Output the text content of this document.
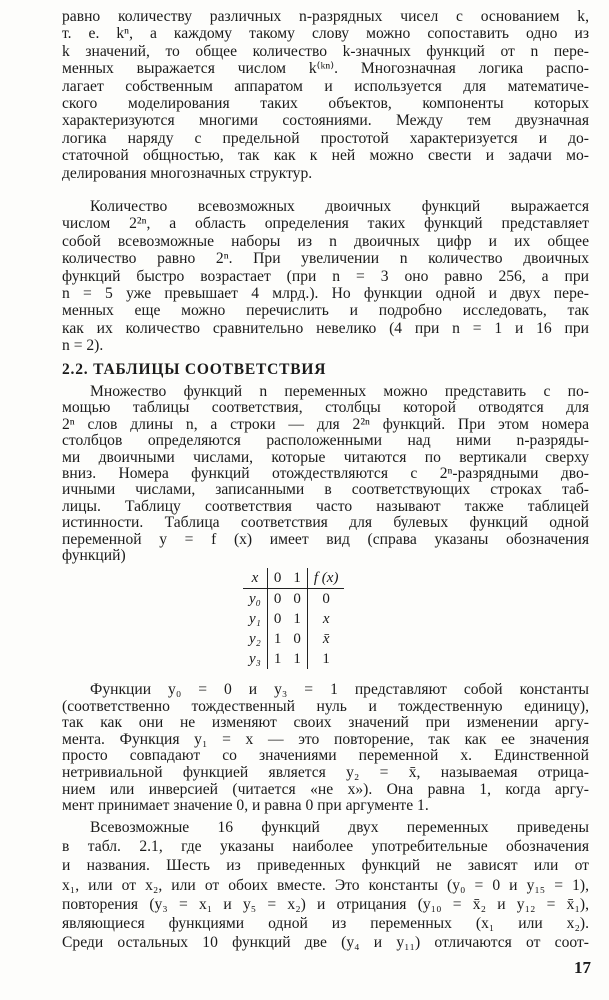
равно количеству различных n-разрядных чисел с основанием k,
т. е. kⁿ, а каждому такому слову можно сопоставить одно из
k значений, то общее количество k-значных функций от n пере-
менных выражается числом k⁽ᵏⁿ⁾. Многозначная логика распо-
лагает собственным аппаратом и используется для математиче-
ского моделирования таких объектов, компоненты которых
характеризуются многими состояниями. Между тем двузначная
логика наряду с предельной простотой характеризуется и до-
статочной общностью, так как к ней можно свести и задачи мо-
делирования многозначных структур.
Количество всевозможных двоичных функций выражается
числом 2²ⁿ, а область определения таких функций представляет
собой всевозможные наборы из n двоичных цифр и их общее
количество равно 2ⁿ. При увеличении n количество двоичных
функций быстро возрастает (при n = 3 оно равно 256, а при
n = 5 уже превышает 4 млрд.). Но функции одной и двух пере-
менных еще можно перечислить и подробно исследовать, так
как их количество сравнительно невелико (4 при n = 1 и 16 при
n = 2).
2.2. ТАБЛИЦЫ СООТВЕТСТВИЯ
Множество функций n переменных можно представить с по-
мощью таблицы соответствия, столбцы которой отводятся для
2ⁿ слов длины n, а строки — для 2²ⁿ функций. При этом номера
столбцов определяются расположенными над ними n-разряды-
ми двоичными числами, которые читаются по вертикали сверху
вниз. Номера функций отождествляются с 2ⁿ-разрядными дво-
ичными числами, записанными в соответствующих строках таб-
лицы. Таблицу соответствия часто называют также таблицей
истинности. Таблица соответствия для булевых функций одной
переменной y = f (x) имеет вид (справа указаны обозначения
функций)
x	0	1	f (x)
y₀	0	0	0
y₁	0	1	x
y₂	1	0	x̄
y₃	1	1	1
Функции y₀ = 0 и y₃ = 1 представляют собой константы
(соответственно тождественный нуль и тождественную единицу),
так как они не изменяют своих значений при изменении аргу-
мента. Функция y₁ = x — это повторение, так как ее значения
просто совпадают со значениями переменной x. Единственной
нетривиальной функцией является y₂ = x̄, называемая отрица-
нием или инверсией (читается «не x»). Она равна 1, когда аргу-
мент принимает значение 0, и равна 0 при аргументе 1.
Всевозможные 16 функций двух переменных приведены
в табл. 2.1, где указаны наиболее употребительные обозначения
и названия. Шесть из приведенных функций не зависят или от
x₁, или от x₂, или от обоих вместе. Это константы (y₀ = 0 и y₁₅ = 1),
повторения (y₃ = x₁ и y₅ = x₂) и отрицания (y₁₀ = x̄₂ и y₁₂ = x̄₁),
являющиеся функциями одной из переменных (x₁ или x₂).
Среди остальных 10 функций две (y₄ и y₁₁) отличаются от соот-
17
